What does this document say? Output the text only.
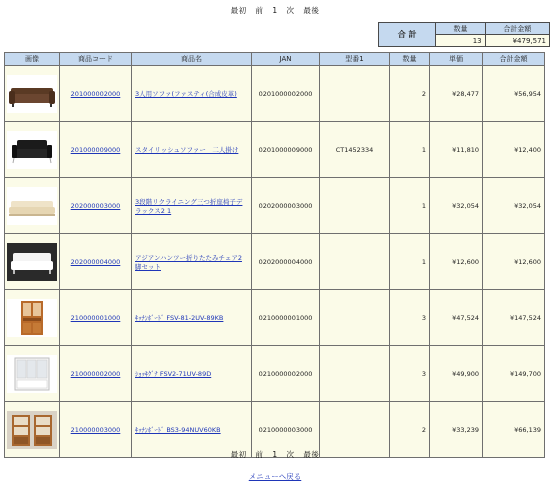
最初 前 1 次 最後
合 計	数量	合計金額
	13	¥479,571
画像	商品コード	商品名	JAN	型番1	数量	単価	合計金額

	201000002000	3人用ソファ(ファスティ(合成皮革)	0201000002000		2	¥28,477	¥56,954

	201000009000	スタイリッシュソファー　二人掛け	0201000009000	CT1452334	1	¥11,810	¥12,400

	202000003000	3段階リクライニング三つ折座椅子デラックス2 1	0202000003000		1	¥32,054	¥32,054

	202000004000	アジアンハンツー折りたたみチェア2脚セット	0202000004000		1	¥12,600	¥12,600

	210000001000	ｷｯﾁﾝﾎﾞｰﾄﾞ FSV-81-2UV-89KB	0210000001000		3	¥47,524	¥147,524

	210000002000	ｼｮｯｷｸﾞﾅ FSV2-71UV-89D	0210000002000		3	¥49,900	¥149,700

	210000003000	ｷｯﾁﾝﾎﾞｰﾄﾞ BS3-94NUV60KB	0210000003000		2	¥33,239	¥66,139
最初 前 1 次 最後
メニューへ戻る
